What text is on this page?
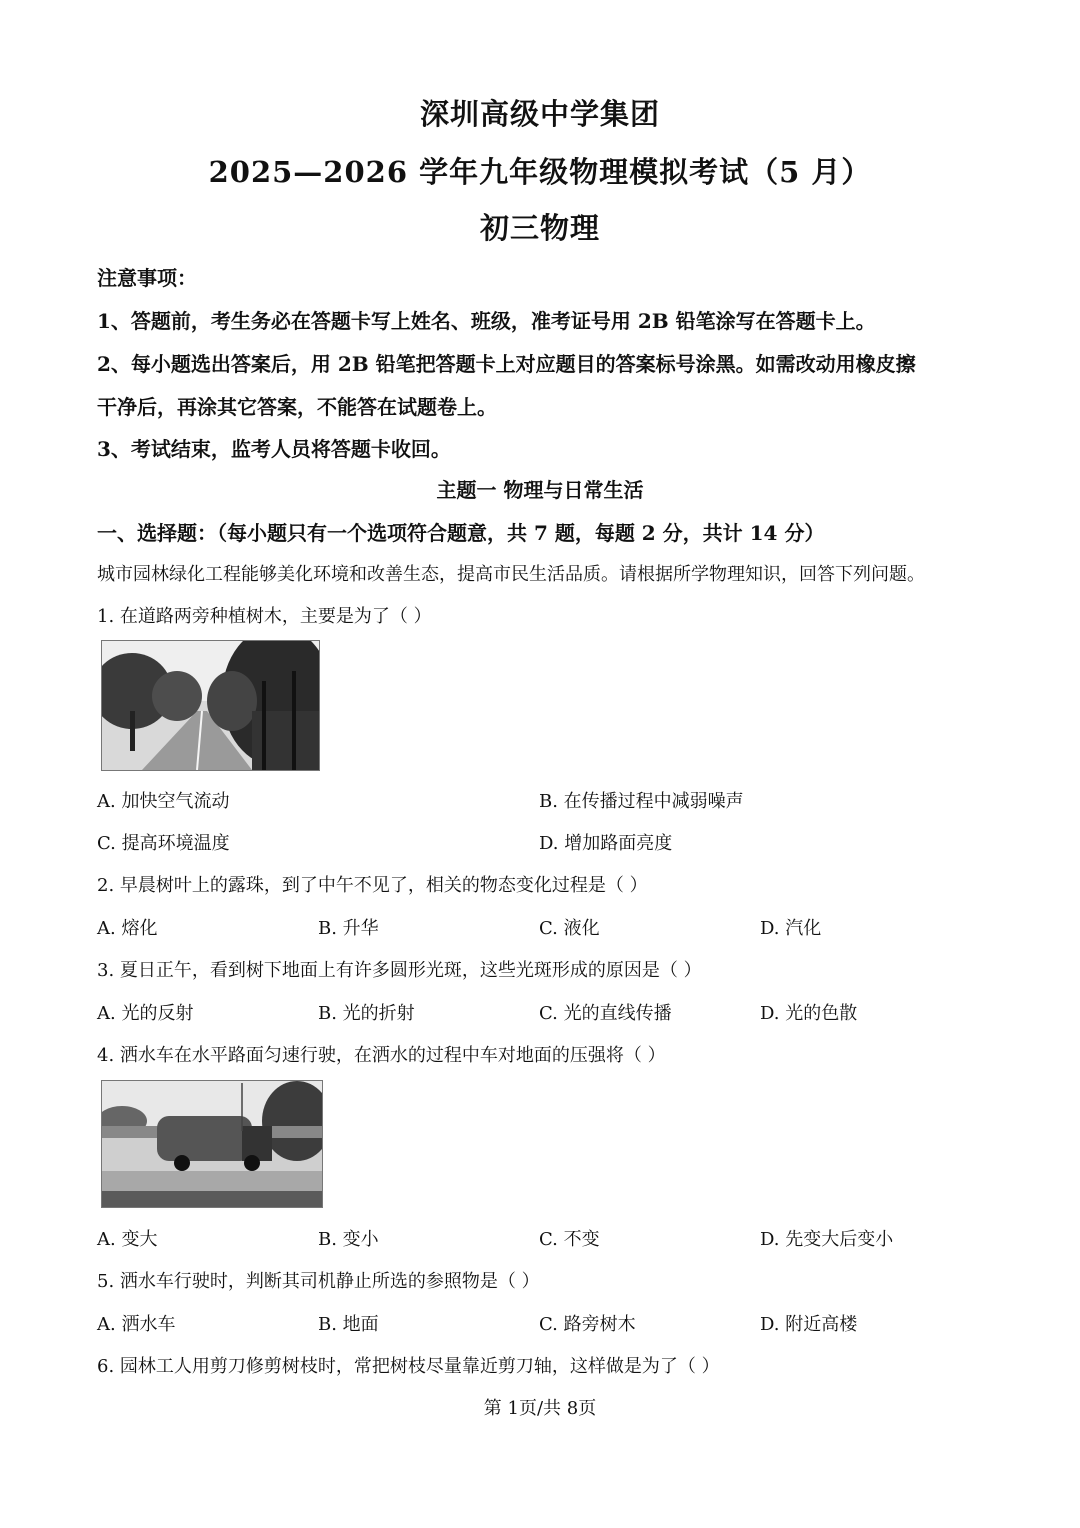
深圳高级中学集团
2025—2026 学年九年级物理模拟考试（5 月）
初三物理
注意事项：
1、答题前，考生务必在答题卡写上姓名、班级，准考证号用 2B 铅笔涂写在答题卡上。
2、每小题选出答案后，用 2B 铅笔把答题卡上对应题目的答案标号涂黑。如需改动用橡皮擦
干净后，再涂其它答案，不能答在试题卷上。
3、考试结束，监考人员将答题卡收回。
主题一 物理与日常生活
一、选择题：（每小题只有一个选项符合题意，共 7 题，每题 2 分，共计 14 分）
城市园林绿化工程能够美化环境和改善生态，提高市民生活品质。请根据所学物理知识，回答下列问题。
1. 在道路两旁种植树木，主要是为了（ ）
A. 加快空气流动	B. 在传播过程中减弱噪声
C. 提高环境温度	D. 增加路面亮度
2. 早晨树叶上的露珠，到了中午不见了，相关的物态变化过程是（ ）
A. 熔化	B. 升华	C. 液化	D. 汽化
3. 夏日正午，看到树下地面上有许多圆形光斑，这些光斑形成的原因是（ ）
A. 光的反射	B. 光的折射	C. 光的直线传播	D. 光的色散
4. 洒水车在水平路面匀速行驶，在洒水的过程中车对地面的压强将（ ）
A. 变大	B. 变小	C. 不变	D. 先变大后变小
5. 洒水车行驶时，判断其司机静止所选的参照物是（ ）
A. 洒水车	B. 地面	C. 路旁树木	D. 附近高楼
6. 园林工人用剪刀修剪树枝时，常把树枝尽量靠近剪刀轴，这样做是为了（ ）
第 1页/共 8页
